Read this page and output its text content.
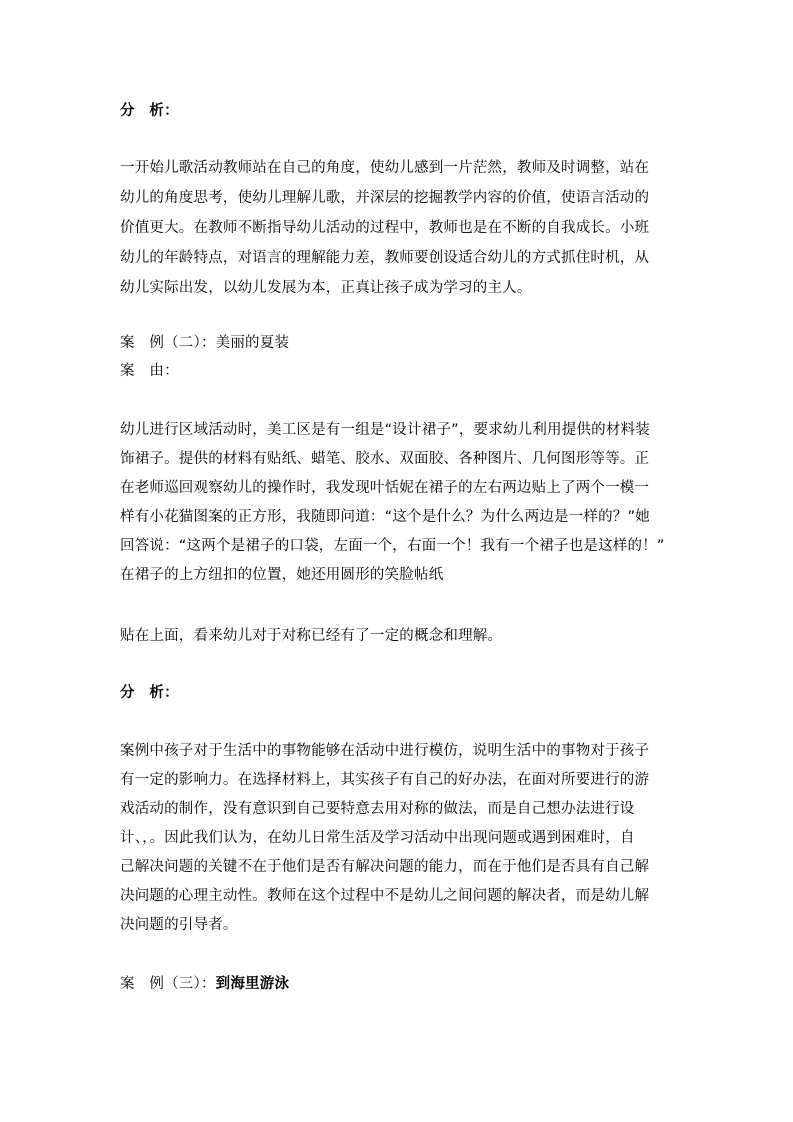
分　析：
一开始儿歌活动教师站在自己的角度，使幼儿感到一片茫然，教师及时调整，站在
幼儿的角度思考，使幼儿理解儿歌，并深层的挖掘教学内容的价值，使语言活动的
价值更大。在教师不断指导幼儿活动的过程中，教师也是在不断的自我成长。小班
幼儿的年龄特点，对语言的理解能力差，教师要创设适合幼儿的方式抓住时机，从
幼儿实际出发，以幼儿发展为本，正真让孩子成为学习的主人。
案　例（二）：美丽的夏装
案　由：
幼儿进行区域活动时，美工区是有一组是“设计裙子”，要求幼儿利用提供的材料装
饰裙子。提供的材料有贴纸、蜡笔、胶水、双面胶、各种图片、几何图形等等。正
在老师巡回观察幼儿的操作时，我发现叶恬妮在裙子的左右两边贴上了两个一模一
样有小花猫图案的正方形，我随即问道：“这个是什么？为什么两边是一样的？”她
回答说：“这两个是裙子的口袋，左面一个，右面一个！我有一个裙子也是这样的！”
在裙子的上方纽扣的位置，她还用圆形的笑脸帖纸
贴在上面，看来幼儿对于对称已经有了一定的概念和理解。
分　析：
案例中孩子对于生活中的事物能够在活动中进行模仿，说明生活中的事物对于孩子
有一定的影响力。在选择材料上，其实孩子有自己的好办法，在面对所要进行的游
戏活动的制作，没有意识到自己要特意去用对称的做法，而是自己想办法进行设
计、，。因此我们认为，在幼儿日常生活及学习活动中出现问题或遇到困难时，自
己解决问题的关键不在于他们是否有解决问题的能力，而在于他们是否具有自己解
决问题的心理主动性。教师在这个过程中不是幼儿之间问题的解决者，而是幼儿解
决问题的引导者。
案　例（三）：到海里游泳
